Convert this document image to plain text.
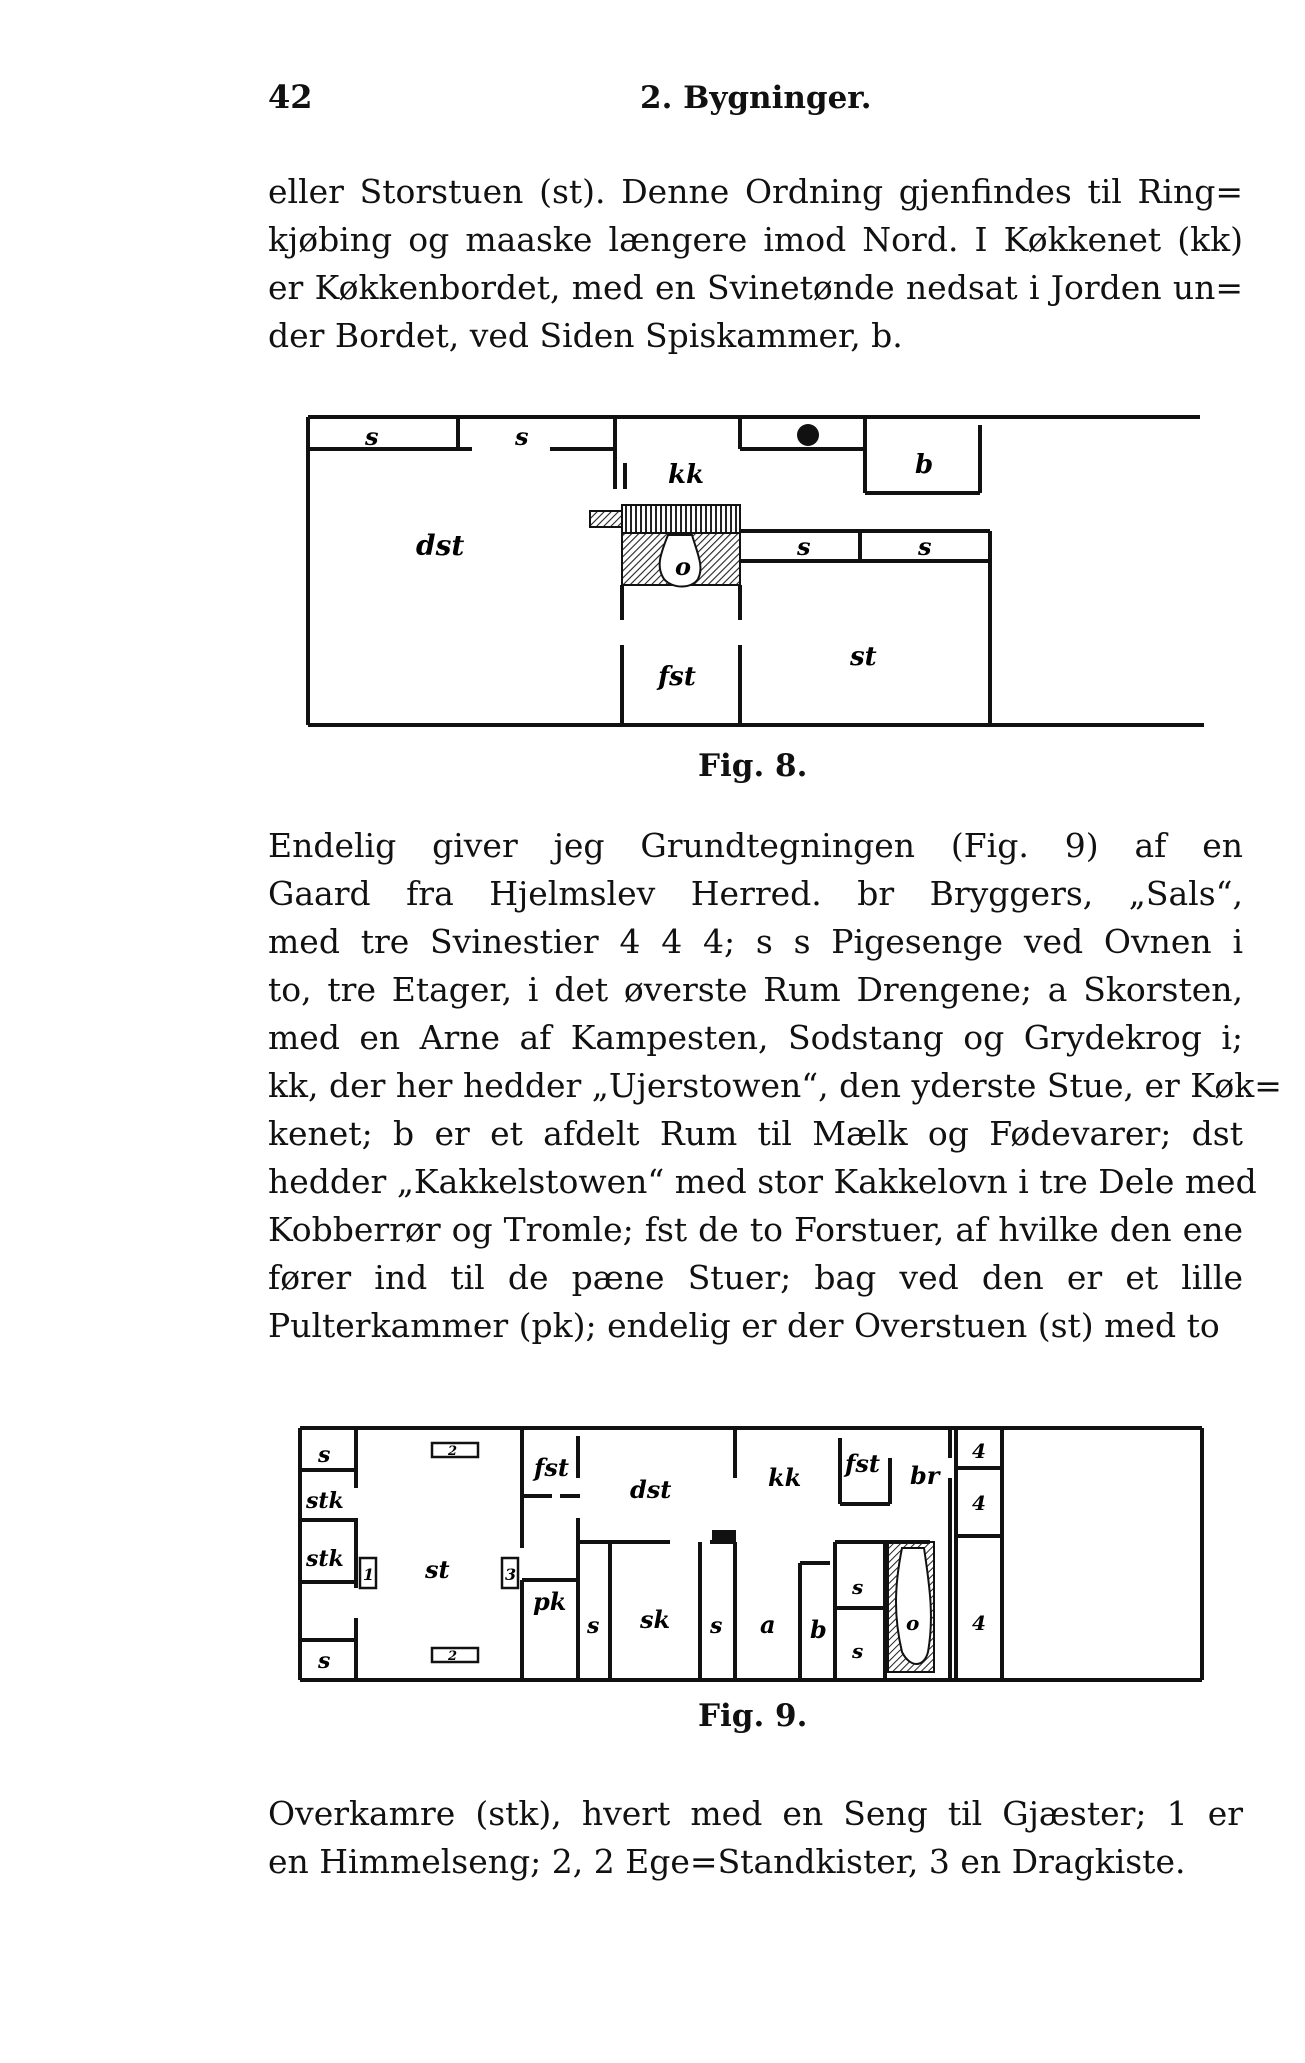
42	2. Bygninger.
eller Storstuen (st). Denne Ordning gjenfindes til Ring=
kjøbing og maaske længere imod Nord. I Køkkenet (kk)
er Køkkenbordet, med en Svinetønde nedsat i Jorden un=
der Bordet, ved Siden Spiskammer, b.
s	s
kk	b
dst
o
s	s
st
fst
Fig. 8.
Endelig giver jeg Grundtegningen (Fig. 9) af en
Gaard fra Hjelmslev Herred. br Bryggers, „Sals“,
med tre Svinestier 4 4 4; s s Pigesenge ved Ovnen i
to, tre Etager, i det øverste Rum Drengene; a Skorsten,
med en Arne af Kampesten, Sodstang og Grydekrog i;
kk, der her hedder „Ujerstowen“, den yderste Stue, er Køk=
kenet; b er et afdelt Rum til Mælk og Fødevarer; dst
hedder „Kakkelstowen“ med stor Kakkelovn i tre Dele med
Kobberrør og Tromle; fst de to Forstuer, af hvilke den ene
fører ind til de pæne Stuer; bag ved den er et lille
Pulterkammer (pk); endelig er der Overstuen (st) med to
s
stk
stk
s
2
1 st	3
2
fst
pk
dst
s sk s a b
kk fst
s
s
o
br
4
4
4
Fig. 9.
Overkamre (stk), hvert med en Seng til Gjæster; 1 er
en Himmelseng; 2, 2 Ege=Standkister, 3 en Dragkiste.
